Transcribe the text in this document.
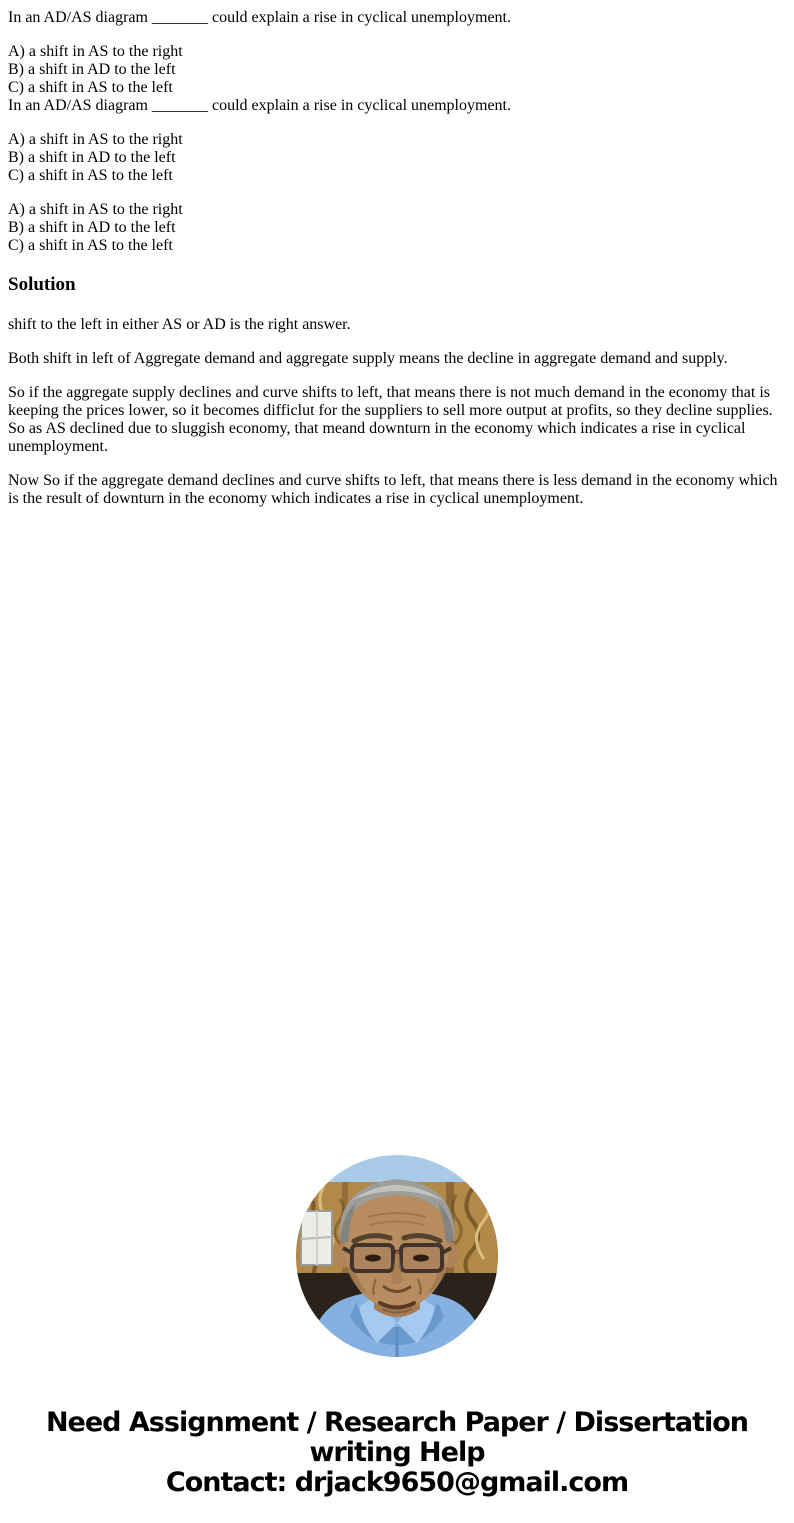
In an AD/AS diagram _______ could explain a rise in cyclical unemployment.

A) a shift in AS to the right
B) a shift in AD to the left
C) a shift in AS to the left
In an AD/AS diagram _______ could explain a rise in cyclical unemployment.

A) a shift in AS to the right
B) a shift in AD to the left
C) a shift in AS to the left

A) a shift in AS to the right
B) a shift in AD to the left
C) a shift in AS to the left

Solution

shift to the left in either AS or AD is the right answer.

Both shift in left of Aggregate demand and aggregate supply means the decline in aggregate demand and supply.

So if the aggregate supply declines and curve shifts to left, that means there is not much demand in the economy that is keeping the prices lower, so it becomes difficlut for the suppliers to sell more output at profits, so they decline supplies. So as AS declined due to sluggish economy, that meand downturn in the economy which indicates a rise in cyclical unemployment.

Now So if the aggregate demand declines and curve shifts to left, that means there is less demand in the economy which is the result of downturn in the economy which indicates a rise in cyclical unemployment.

Need Assignment / Research Paper / Dissertation
writing Help
Contact: drjack9650@gmail.com
